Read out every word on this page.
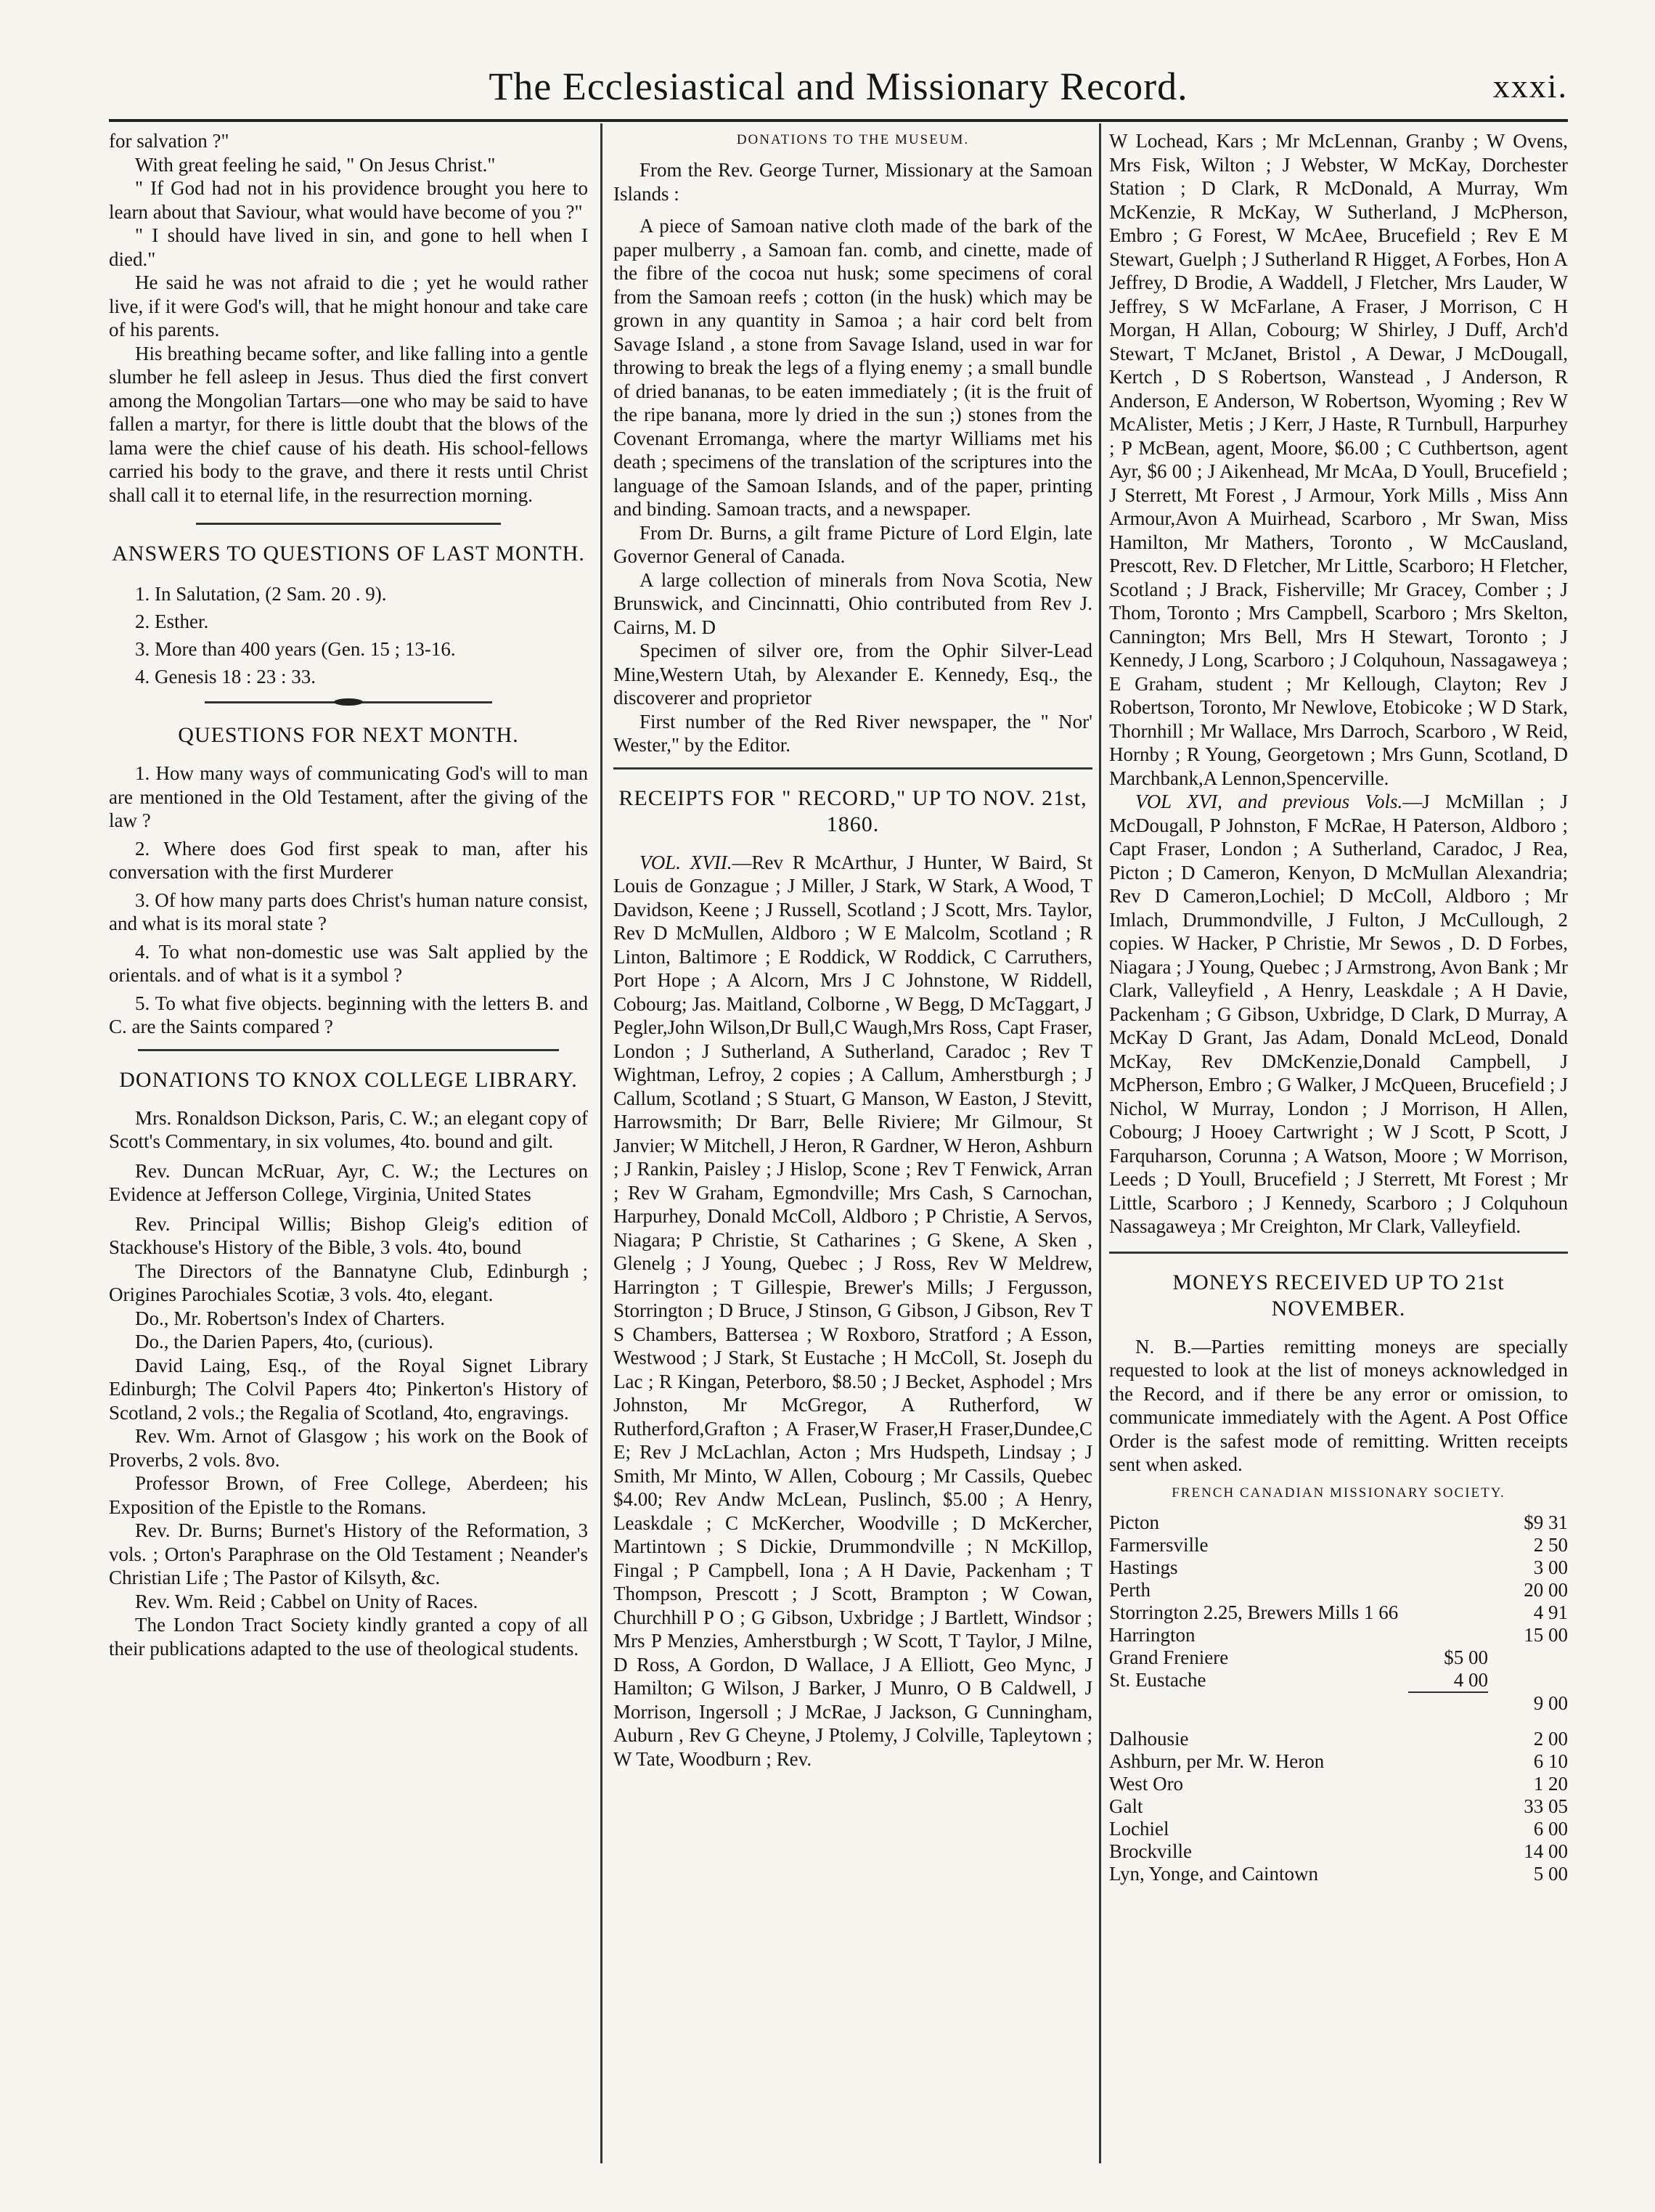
The Ecclesiastical and Missionary Record.	xxxi.

for salvation ?"

With great feeling he said, " On Jesus Christ."

" If God had not in his providence brought you here to learn about that Saviour, what would have become of you ?"

" I should have lived in sin, and gone to hell when I died."

He said he was not afraid to die ; yet he would rather live, if it were God's will, that he might honour and take care of his parents.

His breathing became softer, and like falling into a gentle slumber he fell asleep in Jesus. Thus died the first convert among the Mongolian Tartars—one who may be said to have fallen a martyr, for there is little doubt that the blows of the lama were the chief cause of his death. His school-fellows carried his body to the grave, and there it rests until Christ shall call it to eternal life, in the resurrection morning.

ANSWERS TO QUESTIONS OF LAST MONTH.
1. In Salutation, (2 Sam. 20 . 9).
2. Esther.
3. More than 400 years (Gen. 15 ; 13-16.
4. Genesis 18 : 23 : 33.
QUESTIONS FOR NEXT MONTH.
1. How many ways of communicating God's will to man are mentioned in the Old Testament, after the giving of the law ?
2. Where does God first speak to man, after his conversation with the first Murderer
3. Of how many parts does Christ's human nature consist, and what is its moral state ?
4. To what non-domestic use was Salt applied by the orientals. and of what is it a symbol ?
5. To what five objects. beginning with the letters B. and C. are the Saints compared ?
DONATIONS TO KNOX COLLEGE LIBRARY.

Mrs. Ronaldson Dickson, Paris, C. W.; an elegant copy of Scott's Commentary, in six volumes, 4to. bound and gilt.

Rev. Duncan McRuar, Ayr, C. W.; the Lectures on Evidence at Jefferson College, Virginia, United States

Rev. Principal Willis; Bishop Gleig's edition of Stackhouse's History of the Bible, 3 vols. 4to, bound

The Directors of the Bannatyne Club, Edinburgh ; Origines Parochiales Scotiæ, 3 vols. 4to, elegant.

Do., Mr. Robertson's Index of Charters.

Do., the Darien Papers, 4to, (curious).

David Laing, Esq., of the Royal Signet Library Edinburgh; The Colvil Papers 4to; Pinkerton's History of Scotland, 2 vols.; the Regalia of Scotland, 4to, engravings.

Rev. Wm. Arnot of Glasgow ; his work on the Book of Proverbs, 2 vols. 8vo.

Professor Brown, of Free College, Aberdeen; his Exposition of the Epistle to the Romans.

Rev. Dr. Burns; Burnet's History of the Reformation, 3 vols. ; Orton's Paraphrase on the Old Testament ; Neander's Christian Life ; The Pastor of Kilsyth, &c.

Rev. Wm. Reid ; Cabbel on Unity of Races.

The London Tract Society kindly granted a copy of all their publications adapted to the use of theological students.

DONATIONS TO THE MUSEUM.

From the Rev. George Turner, Missionary at the Samoan Islands :

A piece of Samoan native cloth made of the bark of the paper mulberry , a Samoan fan. comb, and cinette, made of the fibre of the cocoa nut husk; some specimens of coral from the Samoan reefs ; cotton (in the husk) which may be grown in any quantity in Samoa ; a hair cord belt from Savage Island , a stone from Savage Island, used in war for throwing to break the legs of a flying enemy ; a small bundle of dried bananas, to be eaten immediately ; (it is the fruit of the ripe banana, more ly dried in the sun ;) stones from the Covenant Erromanga, where the martyr Williams met his death ; specimens of the translation of the scriptures into the language of the Samoan Islands, and of the paper, printing and binding. Samoan tracts, and a newspaper.

From Dr. Burns, a gilt frame Picture of Lord Elgin, late Governor General of Canada.

A large collection of minerals from Nova Scotia, New Brunswick, and Cincinnatti, Ohio contributed from Rev J. Cairns, M. D

Specimen of silver ore, from the Ophir Silver-Lead Mine,Western Utah, by Alexander E. Kennedy, Esq., the discoverer and proprietor

First number of the Red River newspaper, the " Nor' Wester," by the Editor.

RECEIPTS FOR " RECORD," UP TO NOV. 21st, 1860.

VOL. XVII.—Rev R McArthur, J Hunter, W Baird, St Louis de Gonzague ; J Miller, J Stark, W Stark, A Wood, T Davidson, Keene ; J Russell, Scotland ; J Scott, Mrs. Taylor, Rev D McMullen, Aldboro ; W E Malcolm, Scotland ; R Linton, Baltimore ; E Roddick, W Roddick, C Carruthers, Port Hope ; A Alcorn, Mrs J C Johnstone, W Riddell, Cobourg; Jas. Maitland, Colborne , W Begg, D McTaggart, J Pegler,John Wilson,Dr Bull,C Waugh,Mrs Ross, Capt Fraser, London ; J Sutherland, A Sutherland, Caradoc ; Rev T Wightman, Lefroy, 2 copies ; A Callum, Amherstburgh ; J Callum, Scotland ; S Stuart, G Manson, W Easton, J Stevitt, Harrowsmith; Dr Barr, Belle Riviere; Mr Gilmour, St Janvier; W Mitchell, J Heron, R Gardner, W Heron, Ashburn ; J Rankin, Paisley ; J Hislop, Scone ; Rev T Fenwick, Arran ; Rev W Graham, Egmondville; Mrs Cash, S Carnochan, Harpurhey, Donald McColl, Aldboro ; P Christie, A Servos, Niagara; P Christie, St Catharines ; G Skene, A Sken , Glenelg ; J Young, Quebec ; J Ross, Rev W Meldrew, Harrington ; T Gillespie, Brewer's Mills; J Fergusson, Storrington ; D Bruce, J Stinson, G Gibson, J Gibson, Rev T S Chambers, Battersea ; W Roxboro, Stratford ; A Esson, Westwood ; J Stark, St Eustache ; H McColl, St. Joseph du Lac ; R Kingan, Peterboro, $8.50 ; J Becket, Asphodel ; Mrs Johnston, Mr McGregor, A Rutherford, W Rutherford,Grafton ; A Fraser,W Fraser,H Fraser,Dundee,C E; Rev J McLachlan, Acton ; Mrs Hudspeth, Lindsay ; J Smith, Mr Minto, W Allen, Cobourg ; Mr Cassils, Quebec $4.00; Rev Andw McLean, Puslinch, $5.00 ; A Henry, Leaskdale ; C McKercher, Woodville ; D McKercher, Martintown ; S Dickie, Drummondville ; N McKillop, Fingal ; P Campbell, Iona ; A H Davie, Packenham ; T Thompson, Prescott ; J Scott, Brampton ; W Cowan, Churchhill P O ; G Gibson, Uxbridge ; J Bartlett, Windsor ; Mrs P Menzies, Amherstburgh ; W Scott, T Taylor, J Milne, D Ross, A Gordon, D Wallace, J A Elliott, Geo Mync, J Hamilton; G Wilson, J Barker, J Munro, O B Caldwell, J Morrison, Ingersoll ; J McRae, J Jackson, G Cunningham, Auburn , Rev G Cheyne, J Ptolemy, J Colville, Tapleytown ; W Tate, Woodburn ; Rev.

W Lochead, Kars ; Mr McLennan, Granby ; W Ovens, Mrs Fisk, Wilton ; J Webster, W McKay, Dorchester Station ; D Clark, R McDonald, A Murray, Wm McKenzie, R McKay, W Sutherland, J McPherson, Embro ; G Forest, W McAee, Brucefield ; Rev E M Stewart, Guelph ; J Sutherland R Higget, A Forbes, Hon A Jeffrey, D Brodie, A Waddell, J Fletcher, Mrs Lauder, W Jeffrey, S W McFarlane, A Fraser, J Morrison, C H Morgan, H Allan, Cobourg; W Shirley, J Duff, Arch'd Stewart, T McJanet, Bristol , A Dewar, J McDougall, Kertch , D S Robertson, Wanstead , J Anderson, R Anderson, E Anderson, W Robertson, Wyoming ; Rev W McAlister, Metis ; J Kerr, J Haste, R Turnbull, Harpurhey ; P McBean, agent, Moore, $6.00 ; C Cuthbertson, agent Ayr, $6 00 ; J Aikenhead, Mr McAa, D Youll, Brucefield ; J Sterrett, Mt Forest , J Armour, York Mills , Miss Ann Armour,Avon A Muirhead, Scarboro , Mr Swan, Miss Hamilton, Mr Mathers, Toronto , W McCausland, Prescott, Rev. D Fletcher, Mr Little, Scarboro; H Fletcher, Scotland ; J Brack, Fisherville; Mr Gracey, Comber ; J Thom, Toronto ; Mrs Campbell, Scarboro ; Mrs Skelton, Cannington; Mrs Bell, Mrs H Stewart, Toronto ; J Kennedy, J Long, Scarboro ; J Colquhoun, Nassagaweya ; E Graham, student ; Mr Kellough, Clayton; Rev J Robertson, Toronto, Mr Newlove, Etobicoke ; W D Stark, Thornhill ; Mr Wallace, Mrs Darroch, Scarboro , W Reid, Hornby ; R Young, Georgetown ; Mrs Gunn, Scotland, D Marchbank,A Lennon,Spencerville.

VOL XVI, and previous Vols.—J McMillan ; J McDougall, P Johnston, F McRae, H Paterson, Aldboro ; Capt Fraser, London ; A Sutherland, Caradoc, J Rea, Picton ; D Cameron, Kenyon, D McMullan Alexandria; Rev D Cameron,Lochiel; D McColl, Aldboro ; Mr Imlach, Drummondville, J Fulton, J McCullough, 2 copies. W Hacker, P Christie, Mr Sewos , D. D Forbes, Niagara ; J Young, Quebec ; J Armstrong, Avon Bank ; Mr Clark, Valleyfield , A Henry, Leaskdale ; A H Davie, Packenham ; G Gibson, Uxbridge, D Clark, D Murray, A McKay D Grant, Jas Adam, Donald McLeod, Donald McKay, Rev DMcKenzie,Donald Campbell, J McPherson, Embro ; G Walker, J McQueen, Brucefield ; J Nichol, W Murray, London ; J Morrison, H Allen, Cobourg; J Hooey Cartwright ; W J Scott, P Scott, J Farquharson, Corunna ; A Watson, Moore ; W Morrison, Leeds ; D Youll, Brucefield ; J Sterrett, Mt Forest ; Mr Little, Scarboro ; J Kennedy, Scarboro ; J Colquhoun Nassagaweya ; Mr Creighton, Mr Clark, Valleyfield.

MONEYS RECEIVED UP TO 21st NOVEMBER.

N. B.—Parties remitting moneys are specially requested to look at the list of moneys acknowledged in the Record, and if there be any error or omission, to communicate immediately with the Agent. A Post Office Order is the safest mode of remitting. Written receipts sent when asked.

FRENCH CANADIAN MISSIONARY SOCIETY.
Picton		$9 31
Farmersville		2 50
Hastings		3 00
Perth		20 00
Storrington 2.25, Brewers Mills 1 66		4 91
Harrington		15 00
Grand Freniere	$5 00	
St. Eustache	4 00	
		9 00

Dalhousie		2 00
Ashburn, per Mr. W. Heron		6 10
West Oro		1 20
Galt		33 05
Lochiel		6 00
Brockville		14 00
Lyn, Yonge, and Caintown		5 00
